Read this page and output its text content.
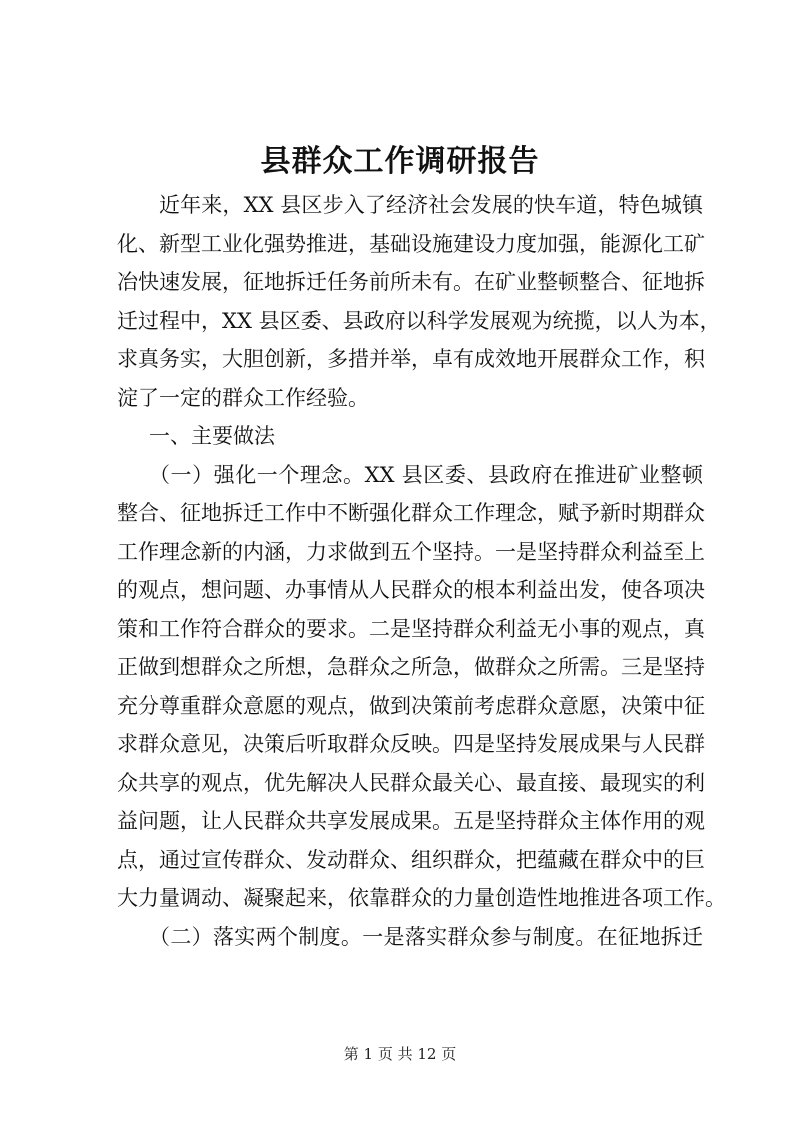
县群众工作调研报告
近年来，XX 县区步入了经济社会发展的快车道，特色城镇
化、新型工业化强势推进，基础设施建设力度加强，能源化工矿
冶快速发展，征地拆迁任务前所未有。在矿业整顿整合、征地拆
迁过程中，XX 县区委、县政府以科学发展观为统揽，以人为本，
求真务实，大胆创新，多措并举，卓有成效地开展群众工作，积
淀了一定的群众工作经验。
一、主要做法
（一）强化一个理念。XX 县区委、县政府在推进矿业整顿
整合、征地拆迁工作中不断强化群众工作理念，赋予新时期群众
工作理念新的内涵，力求做到五个坚持。一是坚持群众利益至上
的观点，想问题、办事情从人民群众的根本利益出发，使各项决
策和工作符合群众的要求。二是坚持群众利益无小事的观点，真
正做到想群众之所想，急群众之所急，做群众之所需。三是坚持
充分尊重群众意愿的观点，做到决策前考虑群众意愿，决策中征
求群众意见，决策后听取群众反映。四是坚持发展成果与人民群
众共享的观点，优先解决人民群众最关心、最直接、最现实的利
益问题，让人民群众共享发展成果。五是坚持群众主体作用的观
点，通过宣传群众、发动群众、组织群众，把蕴藏在群众中的巨
大力量调动、凝聚起来，依靠群众的力量创造性地推进各项工作。
（二）落实两个制度。一是落实群众参与制度。在征地拆迁
第 1 页 共 12 页
